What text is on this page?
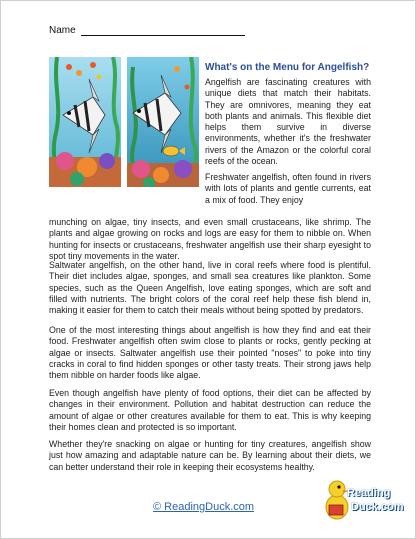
Name
What's on the Menu for Angelfish?

Angelfish are fascinating creatures with unique diets that match their habitats. They are omnivores, meaning they eat both plants and animals. This flexible diet helps them survive in diverse environments, whether it's the freshwater rivers of the Amazon or the colorful coral reefs of the ocean.

Freshwater angelfish, often found in rivers with lots of plants and gentle currents, eat a mix of food. They enjoy

munching on algae, tiny insects, and even small crustaceans, like shrimp. The plants and algae growing on rocks and logs are easy for them to nibble on. When hunting for insects or crustaceans, freshwater angelfish use their sharp eyesight to spot tiny movements in the water.

Saltwater angelfish, on the other hand, live in coral reefs where food is plentiful. Their diet includes algae, sponges, and small sea creatures like plankton. Some species, such as the Queen Angelfish, love eating sponges, which are soft and filled with nutrients. The bright colors of the coral reef help these fish blend in, making it easier for them to catch their meals without being spotted by predators.

One of the most interesting things about angelfish is how they find and eat their food. Freshwater angelfish often swim close to plants or rocks, gently pecking at algae or insects. Saltwater angelfish use their pointed "noses" to poke into tiny cracks in coral to find hidden sponges or other tasty treats. Their strong jaws help them nibble on harder foods like algae.

Even though angelfish have plenty of food options, their diet can be affected by changes in their environment. Pollution and habitat destruction can reduce the amount of algae or other creatures available for them to eat. This is why keeping their homes clean and protected is so important.

Whether they're snacking on algae or hunting for tiny creatures, angelfish show just how amazing and adaptable nature can be. By learning about their diets, we can better understand their role in keeping their ecosystems healthy.

© ReadingDuck.com
Reading
Duck.com
